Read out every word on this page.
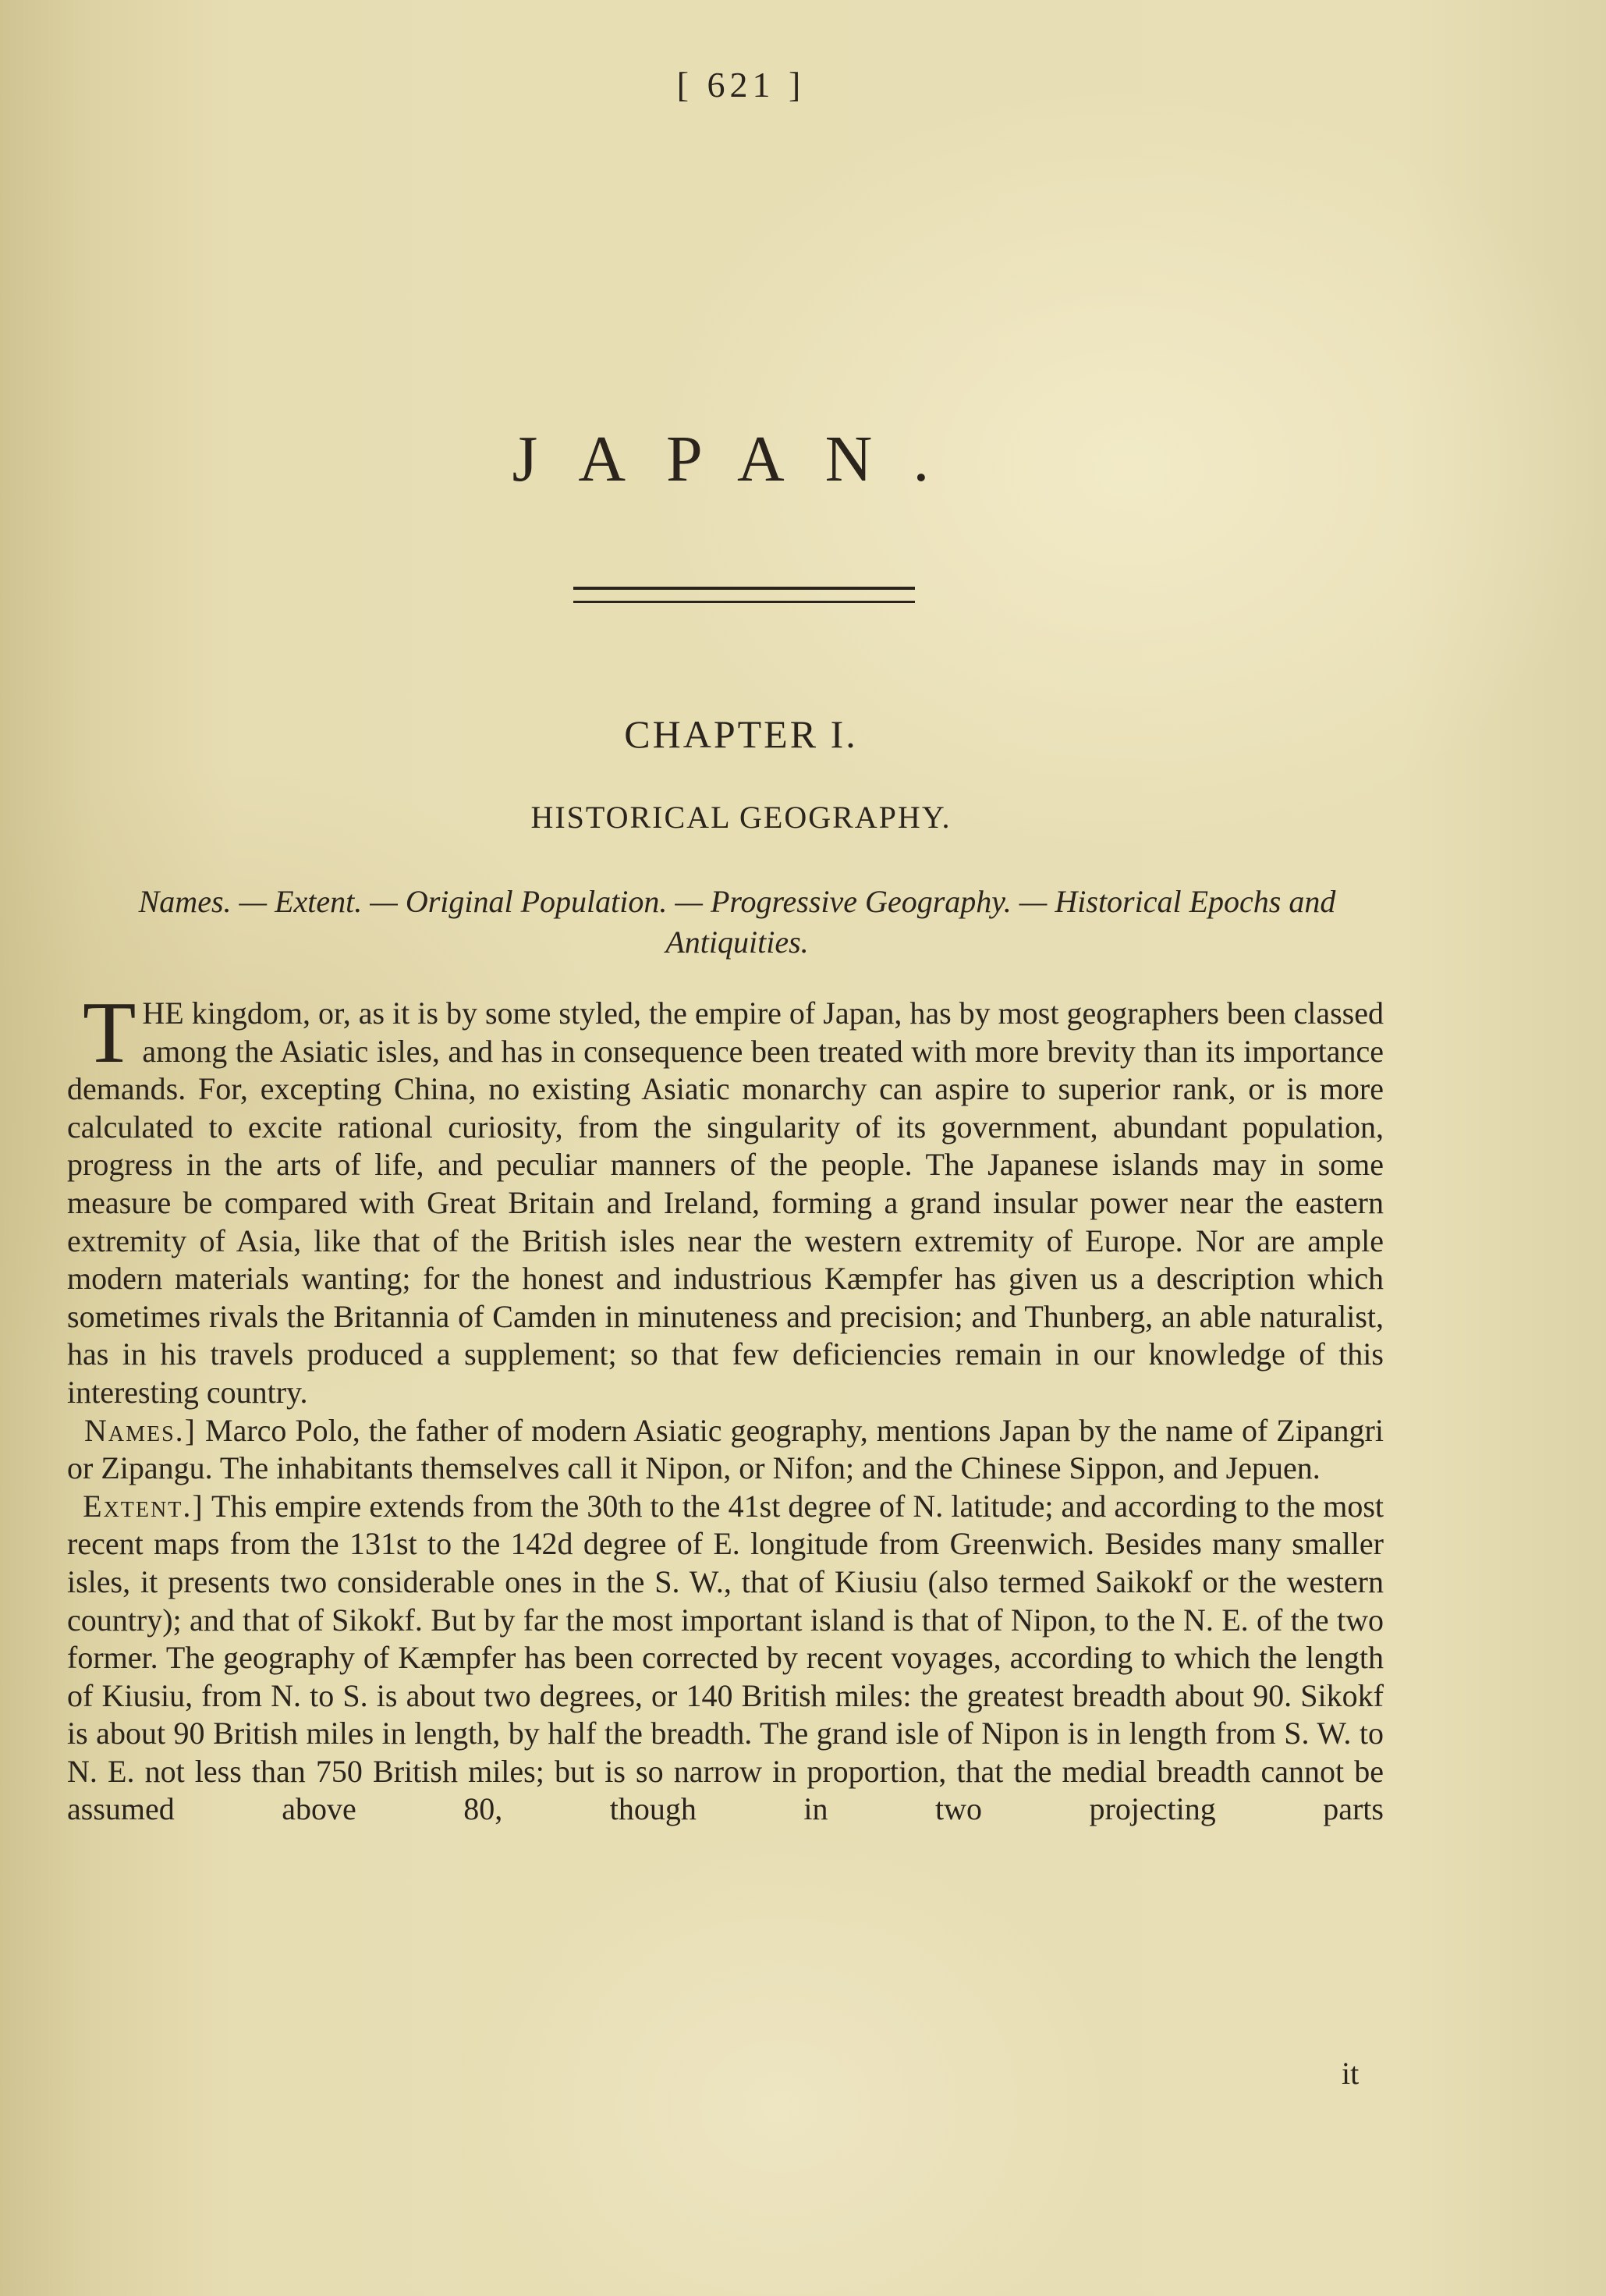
[ 621 ]
JAPAN.
CHAPTER I.
HISTORICAL GEOGRAPHY.

Names. — Extent. — Original Population. — Progressive Geography. — Historical Epochs and Antiquities.

THE kingdom, or, as it is by some styled, the empire of Japan, has by most geographers been classed among the Asiatic isles, and has in consequence been treated with more brevity than its importance demands. For, excepting China, no existing Asiatic monarchy can aspire to superior rank, or is more calculated to excite rational curiosity, from the singularity of its government, abundant population, progress in the arts of life, and peculiar manners of the people. The Japanese islands may in some measure be compared with Great Britain and Ireland, forming a grand insular power near the eastern extremity of Asia, like that of the British isles near the western extremity of Europe. Nor are ample modern materials wanting; for the honest and industrious Kæmpfer has given us a description which sometimes rivals the Britannia of Camden in minuteness and precision; and Thunberg, an able naturalist, has in his travels produced a supplement; so that few deficiencies remain in our knowledge of this interesting country.

Names.] Marco Polo, the father of modern Asiatic geography, mentions Japan by the name of Zipangri or Zipangu. The inhabitants themselves call it Nipon, or Nifon; and the Chinese Sippon, and Jepuen.

Extent.] This empire extends from the 30th to the 41st degree of N. latitude; and according to the most recent maps from the 131st to the 142d degree of E. longitude from Greenwich. Besides many smaller isles, it presents two considerable ones in the S. W., that of Kiusiu (also termed Saikokf or the western country); and that of Sikokf. But by far the most important island is that of Nipon, to the N. E. of the two former. The geography of Kæmpfer has been corrected by recent voyages, according to which the length of Kiusiu, from N. to S. is about two degrees, or 140 British miles: the greatest breadth about 90. Sikokf is about 90 British miles in length, by half the breadth. The grand isle of Nipon is in length from S. W. to N. E. not less than 750 British miles; but is so narrow in proportion, that the medial breadth cannot be assumed above 80, though in two projecting parts

it
